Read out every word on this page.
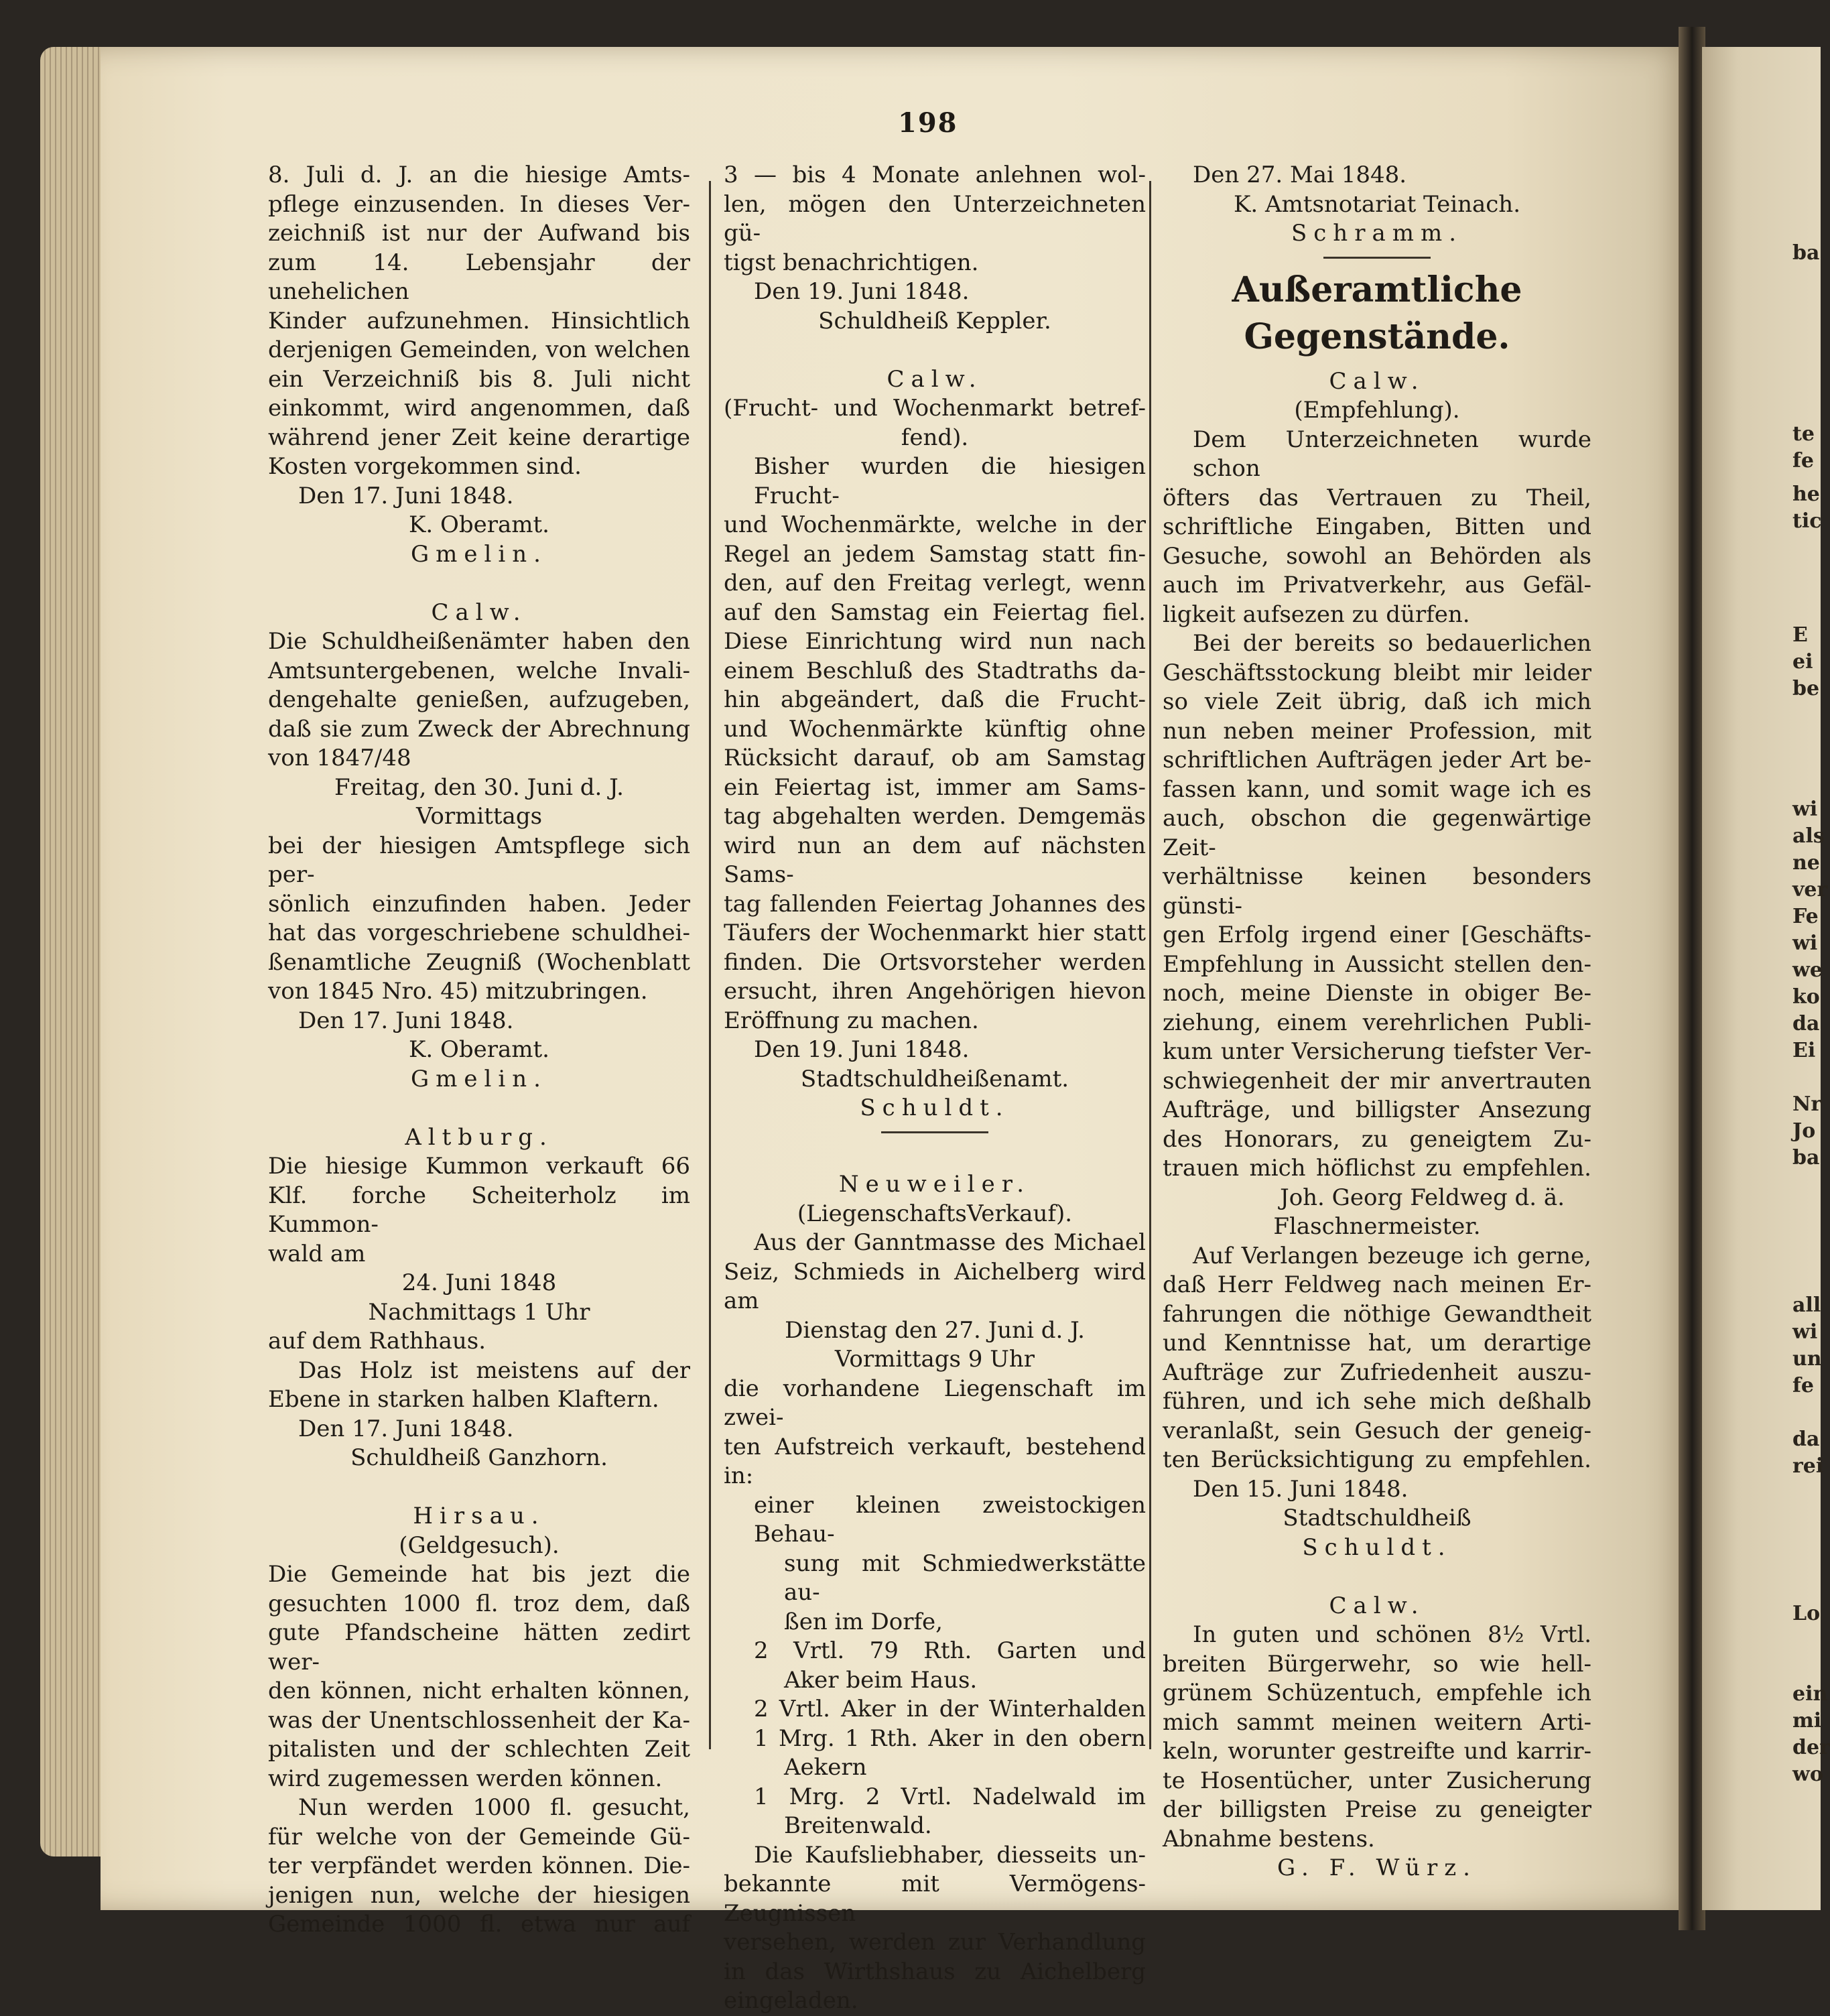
ba
te
fe
he
tic
E
ei
be
wi
als
ne
ver
Fe
wi
we
ko
da
Ei
Nr
Jo
ba
all
wi
un
fe
da
rei
Lo
ein
mi
der
wo
198
8. Juli d. J. an die hiesige Amts-
pflege einzusenden. In dieses Ver-
zeichniß ist nur der Aufwand bis
zum 14. Lebensjahr der unehelichen
Kinder aufzunehmen. Hinsichtlich
derjenigen Gemeinden, von welchen
ein Verzeichniß bis 8. Juli nicht
einkommt, wird angenommen, daß
während jener Zeit keine derartige
Kosten vorgekommen sind.
Den 17. Juni 1848.
K. Oberamt.
Gmelin.

Calw.
Die Schuldheißenämter haben den
Amtsuntergebenen, welche Invali-
dengehalte genießen, aufzugeben,
daß sie zum Zweck der Abrechnung
von 1847/48
Freitag, den 30. Juni d. J.
Vormittags
bei der hiesigen Amtspflege sich per-
sönlich einzufinden haben. Jeder
hat das vorgeschriebene schuldhei-
ßenamtliche Zeugniß (Wochenblatt
von 1845 Nro. 45) mitzubringen.
Den 17. Juni 1848.
K. Oberamt.
Gmelin.

Altburg.
Die hiesige Kummon verkauft 66
Klf. forche Scheiterholz im Kummon-
wald am
24. Juni 1848
Nachmittags 1 Uhr
auf dem Rathhaus.
Das Holz ist meistens auf der
Ebene in starken halben Klaftern.
Den 17. Juni 1848.
Schuldheiß Ganzhorn.

Hirsau.
(Geldgesuch).
Die Gemeinde hat bis jezt die
gesuchten 1000 fl. troz dem, daß
gute Pfandscheine hätten zedirt wer-
den können, nicht erhalten können,
was der Unentschlossenheit der Ka-
pitalisten und der schlechten Zeit
wird zugemessen werden können.
Nun werden 1000 fl. gesucht,
für welche von der Gemeinde Gü-
ter verpfändet werden können. Die-
jenigen nun, welche der hiesigen
Gemeinde 1000 fl. etwa nur auf
3 — bis 4 Monate anlehnen wol-
len, mögen den Unterzeichneten gü-
tigst benachrichtigen.
Den 19. Juni 1848.
Schuldheiß Keppler.

Calw.
(Frucht- und Wochenmarkt betref-
fend).
Bisher wurden die hiesigen Frucht-
und Wochenmärkte, welche in der
Regel an jedem Samstag statt fin-
den, auf den Freitag verlegt, wenn
auf den Samstag ein Feiertag fiel.
Diese Einrichtung wird nun nach
einem Beschluß des Stadtraths da-
hin abgeändert, daß die Frucht-
und Wochenmärkte künftig ohne
Rücksicht darauf, ob am Samstag
ein Feiertag ist, immer am Sams-
tag abgehalten werden. Demgemäs
wird nun an dem auf nächsten Sams-
tag fallenden Feiertag Johannes des
Täufers der Wochenmarkt hier statt
finden. Die Ortsvorsteher werden
ersucht, ihren Angehörigen hievon
Eröffnung zu machen.
Den 19. Juni 1848.
Stadtschuldheißenamt.
Schuldt.

Neuweiler.
(LiegenschaftsVerkauf).
Aus der Ganntmasse des Michael
Seiz, Schmieds in Aichelberg wird
am
Dienstag den 27. Juni d. J.
Vormittags 9 Uhr
die vorhandene Liegenschaft im zwei-
ten Aufstreich verkauft, bestehend in:
einer kleinen zweistockigen Behau-
sung mit Schmiedwerkstätte au-
ßen im Dorfe,
2 Vrtl. 79 Rth. Garten und
Aker beim Haus.
2 Vrtl. Aker in der Winterhalden
1 Mrg. 1 Rth. Aker in den obern
Aekern
1 Mrg. 2 Vrtl. Nadelwald im
Breitenwald.
Die Kaufsliebhaber, diesseits un-
bekannte mit Vermögens-Zeugnissen
versehen, werden zur Verhandlung
in das Wirthshaus zu Aichelberg
eingeladen.
Den 27. Mai 1848.
K. Amtsnotariat Teinach.
Schramm.
Außeramtliche Gegenstände.
Calw.
(Empfehlung).
Dem Unterzeichneten wurde schon
öfters das Vertrauen zu Theil,
schriftliche Eingaben, Bitten und
Gesuche, sowohl an Behörden als
auch im Privatverkehr, aus Gefäl-
ligkeit aufsezen zu dürfen.
Bei der bereits so bedauerlichen
Geschäftsstockung bleibt mir leider
so viele Zeit übrig, daß ich mich
nun neben meiner Profession, mit
schriftlichen Aufträgen jeder Art be-
fassen kann, und somit wage ich es
auch, obschon die gegenwärtige Zeit-
verhältnisse keinen besonders günsti-
gen Erfolg irgend einer [Geschäfts-
Empfehlung in Aussicht stellen den-
noch, meine Dienste in obiger Be-
ziehung, einem verehrlichen Publi-
kum unter Versicherung tiefster Ver-
schwiegenheit der mir anvertrauten
Aufträge, und billigster Ansezung
des Honorars, zu geneigtem Zu-
trauen mich höflichst zu empfehlen.
Joh. Georg Feldweg d. ä.
Flaschnermeister.
Auf Verlangen bezeuge ich gerne,
daß Herr Feldweg nach meinen Er-
fahrungen die nöthige Gewandtheit
und Kenntnisse hat, um derartige
Aufträge zur Zufriedenheit auszu-
führen, und ich sehe mich deßhalb
veranlaßt, sein Gesuch der geneig-
ten Berücksichtigung zu empfehlen.
Den 15. Juni 1848.
Stadtschuldheiß
Schuldt.

Calw.
In guten und schönen 8½ Vrtl.
breiten Bürgerwehr, so wie hell-
grünem Schüzentuch, empfehle ich
mich sammt meinen weitern Arti-
keln, worunter gestreifte und karrir-
te Hosentücher, unter Zusicherung
der billigsten Preise zu geneigter
Abnahme bestens.
G. F. Würz.
